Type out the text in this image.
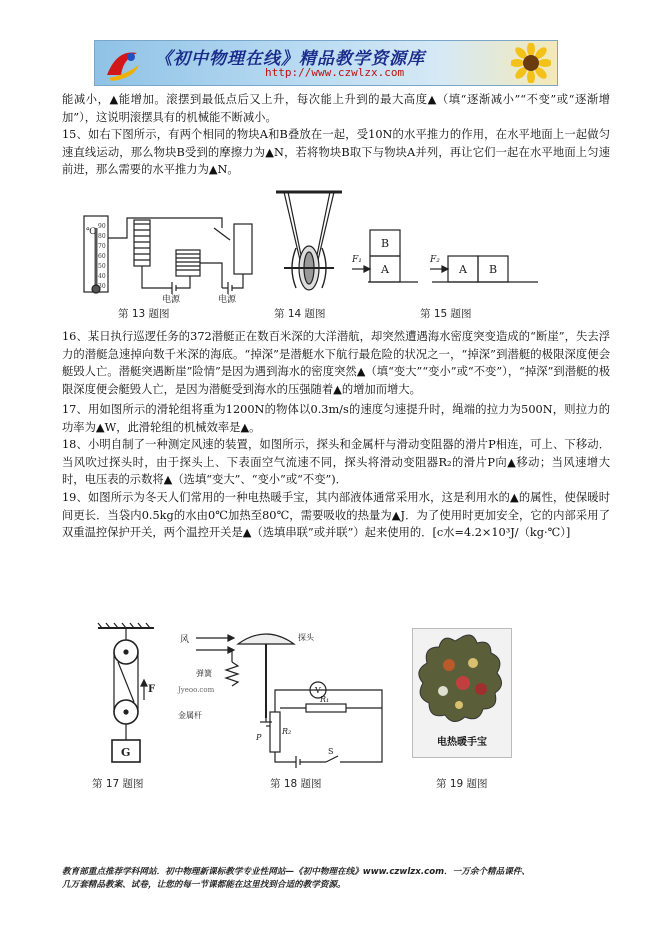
《初中物理在线》精品教学资源库
http://www.czwlzx.com

能减小，▲能增加。滚摆到最低点后又上升，每次能上升到的最大高度▲（填“逐渐减小”“不变”或“逐渐增加”），这说明滚摆具有的机械能不断减小。

15、如右下图所示，有两个相同的物块A和B叠放在一起，受10N的水平推力的作用，在水平地面上一起做匀速直线运动，那么物块B受到的摩擦力为▲N，若将物块B取下与物块A并列，再让它们一起在水平地面上匀速前进，那么需要的水平推力为▲N。

℃
90
80
70
60
50
40
30
电源	电源
第 13 题图	第 14 题图
F₁
B
A
F₂
A B
第 15 题图

16、某日执行巡逻任务的372潜艇正在数百米深的大洋潜航，却突然遭遇海水密度突变造成的“断崖”，失去浮力的潜艇急速掉向数千米深的海底。“掉深”是潜艇水下航行最危险的状况之一，“掉深”到潜艇的极限深度便会艇毁人亡。潜艇突遇断崖”险情”是因为遇到海水的密度突然▲（填“变大”“变小”或“不变”），“掉深”到潜艇的极限深度便会艇毁人亡，是因为潜艇受到海水的压强随着▲的增加而增大。

17、用如图所示的滑轮组将重为1200N的物体以0.3m/s的速度匀速提升时，绳端的拉力为500N，则拉力的功率为▲W，此滑轮组的机械效率是▲。

18、小明自制了一种测定风速的装置，如图所示，探头和金属杆与滑动变阻器的滑片P相连，可上、下移动．当风吹过探头时，由于探头上、下表面空气流速不同，探头将滑动变阻器R₂的滑片P向▲移动；当风速增大时，电压表的示数将▲（选填“变大”、“变小”或“不变”)．

19、如图所示为冬天人们常用的一种电热暖手宝，其内部液体通常采用水，这是利用水的▲的属性，使保暖时间更长．当袋内0.5kg的水由0℃加热至80℃，需要吸收的热量为▲J．为了使用时更加安全，它的内部采用了双重温控保护开关，两个温控开关是▲（选填串联”或并联”）起来使用的．[c水=4.2×10³J/（kg·℃）]

F
G
第 17 题图
风	探头
弹簧
Jyeoo.com
金属杆
R₂
R₁
P
V
S
第 18 题图
电热暖手宝
第 19 题图
教育部重点推荐学科网站．初中物理新课标教学专业性网站—《初中物理在线》www.czwlzx.com．一万余个精品课件、
几万套精品教案、试卷，让您的每一节课都能在这里找到合适的教学资源。
